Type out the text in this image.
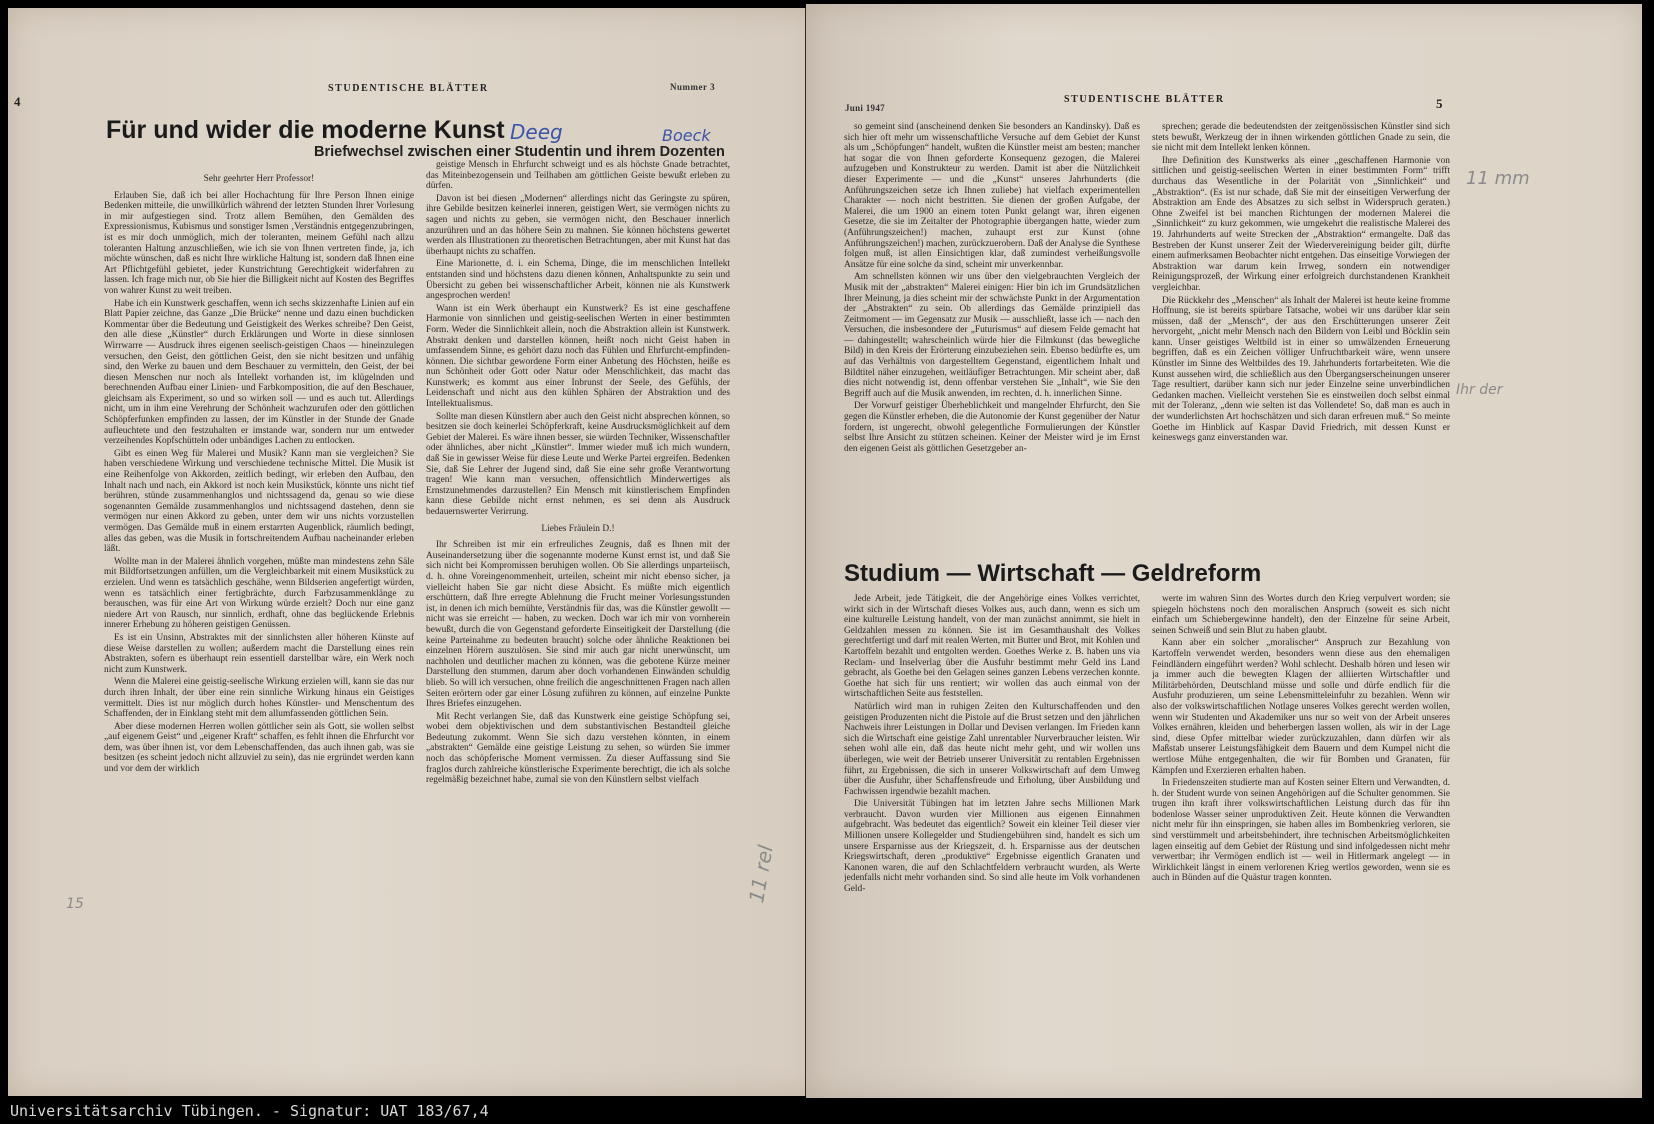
4
STUDENTISCHE BLÄTTER	Nummer 3
Für und wider die moderne Kunst
Briefwechsel zwischen einer Studentin und ihrem Dozenten
Deeg	Boeck
11 rel
15

Sehr geehrter Herr Professor!

Erlauben Sie, daß ich bei aller Hochachtung für Ihre Person Ihnen einige Bedenken mitteile, die unwillkürlich während der letzten Stunden Ihrer Vorlesung in mir aufgestiegen sind. Trotz allem Bemühen, den Gemälden des Expressionismus, Kubismus und sonstiger Ismen ‚Verständnis entgegenzubringen, ist es mir doch unmöglich, mich der toleranten, meinem Gefühl nach allzu toleranten Haltung anzuschließen, wie ich sie von Ihnen vertreten finde, ja, ich möchte wünschen, daß es nicht Ihre wirkliche Haltung ist, sondern daß Ihnen eine Art Pflichtgefühl gebietet, jeder Kunstrichtung Gerechtigkeit widerfahren zu lassen. Ich frage mich nur, ob Sie hier die Billigkeit nicht auf Kosten des Begriffes von wahrer Kunst zu weit treiben.

Habe ich ein Kunstwerk geschaffen, wenn ich sechs skizzenhafte Linien auf ein Blatt Papier zeichne, das Ganze „Die Brücke“ nenne und dazu einen buchdicken Kommentar über die Bedeutung und Geistigkeit des Werkes schreibe? Den Geist, den alle diese „Künstler“ durch Erklärungen und Worte in diese sinnlosen Wirrwarre — Ausdruck ihres eigenen seelisch-geistigen Chaos — hineinzulegen versuchen, den Geist, den göttlichen Geist, den sie nicht besitzen und unfähig sind, den Werke zu bauen und dem Beschauer zu vermitteln, den Geist, der bei diesen Menschen nur noch als Intellekt vorhanden ist, im klügelnden und berechnenden Aufbau einer Linien- und Farbkomposition, die auf den Beschauer, gleichsam als Experiment, so und so wirken soll — und es auch tut. Allerdings nicht, um in ihm eine Verehrung der Schönheit wachzurufen oder den göttlichen Schöpferfunken empfinden zu lassen, der im Künstler in der Stunde der Gnade aufleuchtete und den festzuhalten er imstande war, sondern nur um entweder verzeihendes Kopfschütteln oder unbändiges Lachen zu entlocken.

Gibt es einen Weg für Malerei und Musik? Kann man sie vergleichen? Sie haben verschiedene Wirkung und verschiedene technische Mittel. Die Musik ist eine Reihenfolge von Akkorden, zeitlich bedingt, wir erleben den Aufbau, den Inhalt nach und nach, ein Akkord ist noch kein Musikstück, könnte uns nicht tief berühren, stünde zusammenhanglos und nichtssagend da, genau so wie diese sogenannten Gemälde zusammenhanglos und nichtssagend dastehen, denn sie vermögen nur einen Akkord zu geben, unter dem wir uns nichts vorzustellen vermögen. Das Gemälde muß in einem erstarrten Augenblick, räumlich bedingt, alles das geben, was die Musik in fortschreitendem Aufbau nacheinander erleben läßt.

Wollte man in der Malerei ähnlich vorgehen, müßte man mindestens zehn Säle mit Bildfortsetzungen anfüllen, um die Vergleichbarkeit mit einem Musikstück zu erzielen. Und wenn es tatsächlich geschähe, wenn Bildserien angefertigt würden, wenn es tatsächlich einer fertigbrächte, durch Farbzusammenklänge zu berauschen, was für eine Art von Wirkung würde erzielt? Doch nur eine ganz niedere Art von Rausch, nur sinnlich, erdhaft, ohne das beglückende Erlebnis innerer Erhebung zu höheren geistigen Genüssen.

Es ist ein Unsinn, Abstraktes mit der sinnlichsten aller höheren Künste auf diese Weise darstellen zu wollen; außerdem macht die Darstellung eines rein Abstrakten, sofern es überhaupt rein essentiell darstellbar wäre, ein Werk noch nicht zum Kunstwerk.

Wenn die Malerei eine geistig-seelische Wirkung erzielen will, kann sie das nur durch ihren Inhalt, der über eine rein sinnliche Wirkung hinaus ein Geistiges vermittelt. Dies ist nur möglich durch hohes Künstler- und Menschentum des Schaffenden, der in Einklang steht mit dem allumfassenden göttlichen Sein.

Aber diese modernen Herren wollen göttlicher sein als Gott, sie wollen selbst „auf eigenem Geist“ und „eigener Kraft“ schaffen, es fehlt ihnen die Ehrfurcht vor dem, was über ihnen ist, vor dem Lebenschaffenden, das auch ihnen gab, was sie besitzen (es scheint jedoch nicht allzuviel zu sein), das nie ergründet werden kann und vor dem der wirklich

geistige Mensch in Ehrfurcht schweigt und es als höchste Gnade betrachtet, das Miteinbezogensein und Teilhaben am göttlichen Geiste bewußt erleben zu dürfen.

Davon ist bei diesen „Modernen“ allerdings nicht das Geringste zu spüren, ihre Gebilde besitzen keinerlei inneren, geistigen Wert, sie vermögen nichts zu sagen und nichts zu geben, sie vermögen nicht, den Beschauer innerlich anzurühren und an das höhere Sein zu mahnen. Sie können höchstens gewertet werden als Illustrationen zu theoretischen Betrachtungen, aber mit Kunst hat das überhaupt nichts zu schaffen.

Eine Marionette, d. i. ein Schema, Dinge, die im menschlichen Intellekt entstanden sind und höchstens dazu dienen können, Anhaltspunkte zu sein und Übersicht zu geben bei wissenschaftlicher Arbeit, können nie als Kunstwerk angesprochen werden!

Wann ist ein Werk überhaupt ein Kunstwerk? Es ist eine geschaffene Harmonie von sinnlichen und geistig-seelischen Werten in einer bestimmten Form. Weder die Sinnlichkeit allein, noch die Abstraktion allein ist Kunstwerk. Abstrakt denken und darstellen können, heißt noch nicht Geist haben in umfassendem Sinne, es gehört dazu noch das Fühlen und Ehrfurcht-empfinden-können. Die sichtbar gewordene Form einer Anbetung des Höchsten, heiße es nun Schönheit oder Gott oder Natur oder Menschlichkeit, das macht das Kunstwerk; es kommt aus einer Inbrunst der Seele, des Gefühls, der Leidenschaft und nicht aus den kühlen Sphären der Abstraktion und des Intellektualismus.

Sollte man diesen Künstlern aber auch den Geist nicht absprechen können, so besitzen sie doch keinerlei Schöpferkraft, keine Ausdrucksmöglichkeit auf dem Gebiet der Malerei. Es wäre ihnen besser, sie würden Techniker, Wissenschaftler oder ähnliches, aber nicht „Künstler“. Immer wieder muß ich mich wundern, daß Sie in gewisser Weise für diese Leute und Werke Partei ergreifen. Bedenken Sie, daß Sie Lehrer der Jugend sind, daß Sie eine sehr große Verantwortung tragen! Wie kann man versuchen, offensichtlich Minderwertiges als Ernstzunehmendes darzustellen? Ein Mensch mit künstlerischem Empfinden kann diese Gebilde nicht ernst nehmen, es sei denn als Ausdruck bedauernswerter Verirrung.

Liebes Fräulein D.!

Ihr Schreiben ist mir ein erfreuliches Zeugnis, daß es Ihnen mit der Auseinandersetzung über die sogenannte moderne Kunst ernst ist, und daß Sie sich nicht bei Kompromissen beruhigen wollen. Ob Sie allerdings unparteiisch, d. h. ohne Voreingenommenheit, urteilen, scheint mir nicht ebenso sicher, ja vielleicht haben Sie gar nicht diese Absicht. Es müßte mich eigentlich erschüttern, daß Ihre erregte Ablehnung die Frucht meiner Vorlesungsstunden ist, in denen ich mich bemühte, Verständnis für das, was die Künstler gewollt — nicht was sie erreicht — haben, zu wecken. Doch war ich mir von vornherein bewußt, durch die von Gegenstand geforderte Einseitigkeit der Darstellung (die keine Parteinahme zu bedeuten braucht) solche oder ähnliche Reaktionen bei einzelnen Hörern auszulösen. Sie sind mir auch gar nicht unerwünscht, um nachholen und deutlicher machen zu können, was die gebotene Kürze meiner Darstellung den stummen, darum aber doch vorhandenen Einwänden schuldig blieb. So will ich versuchen, ohne freilich die angeschnittenen Fragen nach allen Seiten erörtern oder gar einer Lösung zuführen zu können, auf einzelne Punkte Ihres Briefes einzugehen.

Mit Recht verlangen Sie, daß das Kunstwerk eine geistige Schöpfung sei, wobei dem objektivischen und dem substantivischen Bestandteil gleiche Bedeutung zukommt. Wenn Sie sich dazu verstehen könnten, in einem „abstrakten“ Gemälde eine geistige Leistung zu sehen, so würden Sie immer noch das schöpferische Moment vermissen. Zu dieser Auffassung sind Sie fraglos durch zahlreiche künstlerische Experimente berechtigt, die ich als solche regelmäßig bezeichnet habe, zumal sie von den Künstlern selbst vielfach

Juni 1947
STUDENTISCHE BLÄTTER	5
11 mm
Ihr der

so gemeint sind (anscheinend denken Sie besonders an Kandinsky). Daß es sich hier oft mehr um wissenschaftliche Versuche auf dem Gebiet der Kunst als um „Schöpfungen“ handelt, wußten die Künstler meist am besten; mancher hat sogar die von Ihnen geforderte Konsequenz gezogen, die Malerei aufzugeben und Konstrukteur zu werden. Damit ist aber die Nützlichkeit dieser Experimente — und die „Kunst“ unseres Jahrhunderts (die Anführungszeichen setze ich Ihnen zuliebe) hat vielfach experimentellen Charakter — noch nicht bestritten. Sie dienen der großen Aufgabe, der Malerei, die um 1900 an einem toten Punkt gelangt war, ihren eigenen Gesetze, die sie im Zeitalter der Photographie übergangen hatte, wieder zum (Anführungszeichen!) machen, zuhaupt erst zur Kunst (ohne Anführungszeichen!) machen, zurückzuerobern. Daß der Analyse die Synthese folgen muß, ist allen Einsichtigen klar, daß zumindest verheißungsvolle Ansätze für eine solche da sind, scheint mir unverkennbar.

Am schnellsten können wir uns über den vielgebrauchten Vergleich der Musik mit der „abstrakten“ Malerei einigen: Hier bin ich im Grundsätzlichen Ihrer Meinung, ja dies scheint mir der schwächste Punkt in der Argumentation der „Abstrakten“ zu sein. Ob allerdings das Gemälde prinzipiell das Zeitmoment — im Gegensatz zur Musik — ausschließt, lasse ich — nach den Versuchen, die insbesondere der „Futurismus“ auf diesem Felde gemacht hat — dahingestellt; wahrscheinlich würde hier die Filmkunst (das bewegliche Bild) in den Kreis der Erörterung einzubeziehen sein. Ebenso bedürfte es, um auf das Verhältnis von dargestelltem Gegenstand, eigentlichem Inhalt und Bildtitel näher einzugehen, weitläufiger Betrachtungen. Mir scheint aber, daß dies nicht notwendig ist, denn offenbar verstehen Sie „Inhalt“, wie Sie den Begriff auch auf die Musik anwenden, im rechten, d. h. innerlichen Sinne.

Der Vorwurf geistiger Überheblichkeit und mangelnder Ehrfurcht, den Sie gegen die Künstler erheben, die die Autonomie der Kunst gegenüber der Natur fordern, ist ungerecht, obwohl gelegentliche Formulierungen der Künstler selbst Ihre Ansicht zu stützen scheinen. Keiner der Meister wird je im Ernst den eigenen Geist als göttlichen Gesetzgeber an-

sprechen; gerade die bedeutendsten der zeitgenössischen Künstler sind sich stets bewußt, Werkzeug der in ihnen wirkenden göttlichen Gnade zu sein, die sie nicht mit dem Intellekt lenken können.

Ihre Definition des Kunstwerks als einer „geschaffenen Harmonie von sittlichen und geistig-seelischen Werten in einer bestimmten Form“ trifft durchaus das Wesentliche in der Polarität von „Sinnlichkeit“ und „Abstraktion“. (Es ist nur schade, daß Sie mit der einseitigen Verwerfung der Abstraktion am Ende des Absatzes zu sich selbst in Widerspruch geraten.) Ohne Zweifel ist bei manchen Richtungen der modernen Malerei die „Sinnlichkeit“ zu kurz gekommen, wie umgekehrt die realistische Malerei des 19. Jahrhunderts auf weite Strecken der „Abstraktion“ ermangelte. Daß das Bestreben der Kunst unserer Zeit der Wiedervereinigung beider gilt, dürfte einem aufmerksamen Beobachter nicht entgehen. Das einseitige Vorwiegen der Abstraktion war darum kein Irrweg, sondern ein notwendiger Reinigungsprozeß, der Wirkung einer erfolgreich durchstandenen Krankheit vergleichbar.

Die Rückkehr des „Menschen“ als Inhalt der Malerei ist heute keine fromme Hoffnung, sie ist bereits spürbare Tatsache, wobei wir uns darüber klar sein müssen, daß der „Mensch“, der aus den Erschütterungen unserer Zeit hervorgeht, „nicht mehr Mensch nach den Bildern von Leibl und Böcklin sein kann. Unser geistiges Weltbild ist in einer so umwälzenden Erneuerung begriffen, daß es ein Zeichen völliger Unfruchtbarkeit wäre, wenn unsere Künstler im Sinne des Weltbildes des 19. Jahrhunderts fortarbeiteten. Wie die Kunst aussehen wird, die schließlich aus den Übergangserscheinungen unserer Tage resultiert, darüber kann sich nur jeder Einzelne seine unverbindlichen Gedanken machen. Vielleicht verstehen Sie es einstweilen doch selbst einmal mit der Toleranz, „denn wie selten ist das Vollendete! So, daß man es auch in der wunderlichsten Art hochschätzen und sich daran erfreuen muß.“ So meinte Goethe im Hinblick auf Kaspar David Friedrich, mit dessen Kunst er keineswegs ganz einverstanden war.

Studium — Wirtschaft — Geldreform

Jede Arbeit, jede Tätigkeit, die der Angehörige eines Volkes verrichtet, wirkt sich in der Wirtschaft dieses Volkes aus, auch dann, wenn es sich um eine kulturelle Leistung handelt, von der man zunächst annimmt, sie hielt in Geldzahlen messen zu können. Sie ist im Gesamthaushalt des Volkes gerechtfertigt und darf mit realen Werten, mit Butter und Brot, mit Kohlen und Kartoffeln bezahlt und entgolten werden. Goethes Werke z. B. haben uns via Reclam- und Inselverlag über die Ausfuhr bestimmt mehr Geld ins Land gebracht, als Goethe bei den Gelagen seines ganzen Lebens verzechen konnte. Goethe hat sich für uns rentiert; wir wollen das auch einmal von der wirtschaftlichen Seite aus feststellen.

Natürlich wird man in ruhigen Zeiten den Kulturschaffenden und den geistigen Produzenten nicht die Pistole auf die Brust setzen und den jährlichen Nachweis ihrer Leistungen in Dollar und Devisen verlangen. Im Frieden kann sich die Wirtschaft eine geistige Zahl unrentabler Nurverbraucher leisten. Wir sehen wohl alle ein, daß das heute nicht mehr geht, und wir wollen uns überlegen, wie weit der Betrieb unserer Universität zu rentablen Ergebnissen führt, zu Ergebnissen, die sich in unserer Volkswirtschaft auf dem Umweg über die Ausfuhr, über Schaffensfreude und Erholung, über Ausbildung und Fachwissen irgendwie bezahlt machen.

Die Universität Tübingen hat im letzten Jahre sechs Millionen Mark verbraucht. Davon wurden vier Millionen aus eigenen Einnahmen aufgebracht. Was bedeutet das eigentlich? Soweit ein kleiner Teil dieser vier Millionen unsere Kollegelder und Studiengebühren sind, handelt es sich um unsere Ersparnisse aus der Kriegszeit, d. h. Ersparnisse aus der deutschen Kriegswirtschaft, deren „produktive“ Ergebnisse eigentlich Granaten und Kanonen waren, die auf den Schlachtfeldern verbraucht wurden, als Werte jedenfalls nicht mehr vorhanden sind. So sind alle heute im Volk vorhandenen Geld-

werte im wahren Sinn des Wortes durch den Krieg verpulvert worden; sie spiegeln höchstens noch den moralischen Anspruch (soweit es sich nicht einfach um Schiebergewinne handelt), den der Einzelne für seine Arbeit, seinen Schweiß und sein Blut zu haben glaubt.

Kann aber ein solcher „moralischer“ Anspruch zur Bezahlung von Kartoffeln verwendet werden, besonders wenn diese aus den ehemaligen Feindländern eingeführt werden? Wohl schlecht. Deshalb hören und lesen wir ja immer auch die bewegten Klagen der alliierten Wirtschaftler und Militärbehörden, Deutschland müsse und solle und dürfe endlich für die Ausfuhr produzieren, um seine Lebensmitteleinfuhr zu bezahlen. Wenn wir also der volkswirtschaftlichen Notlage unseres Volkes gerecht werden wollen, wenn wir Studenten und Akademiker uns nur so weit von der Arbeit unseres Volkes ernähren, kleiden und beherbergen lassen wollen, als wir in der Lage sind, diese Opfer mittelbar wieder zurückzuzahlen, dann dürfen wir als Maßstab unserer Leistungsfähigkeit dem Bauern und dem Kumpel nicht die wertlose Mühe entgegenhalten, die wir für Bomben und Granaten, für Kämpfen und Exerzieren erhalten haben.

In Friedenszeiten studierte man auf Kosten seiner Eltern und Verwandten, d. h. der Student wurde von seinen Angehörigen auf die Schulter genommen. Sie trugen ihn kraft ihrer volkswirtschaftlichen Leistung durch das für ihn bodenlose Wasser seiner unproduktiven Zeit. Heute können die Verwandten nicht mehr für ihn einspringen, sie haben alles im Bombenkrieg verloren, sie sind verstümmelt und arbeitsbehindert, ihre technischen Arbeitsmöglichkeiten lagen einseitig auf dem Gebiet der Rüstung und sind infolgedessen nicht mehr verwertbar; ihr Vermögen endlich ist — weil in Hitlermark angelegt — in Wirklichkeit längst in einem verlorenen Krieg wertlos geworden, wenn sie es auch in Bünden auf die Quästur tragen konnten.

Universitätsarchiv Tübingen. - Signatur: UAT 183/67,4
